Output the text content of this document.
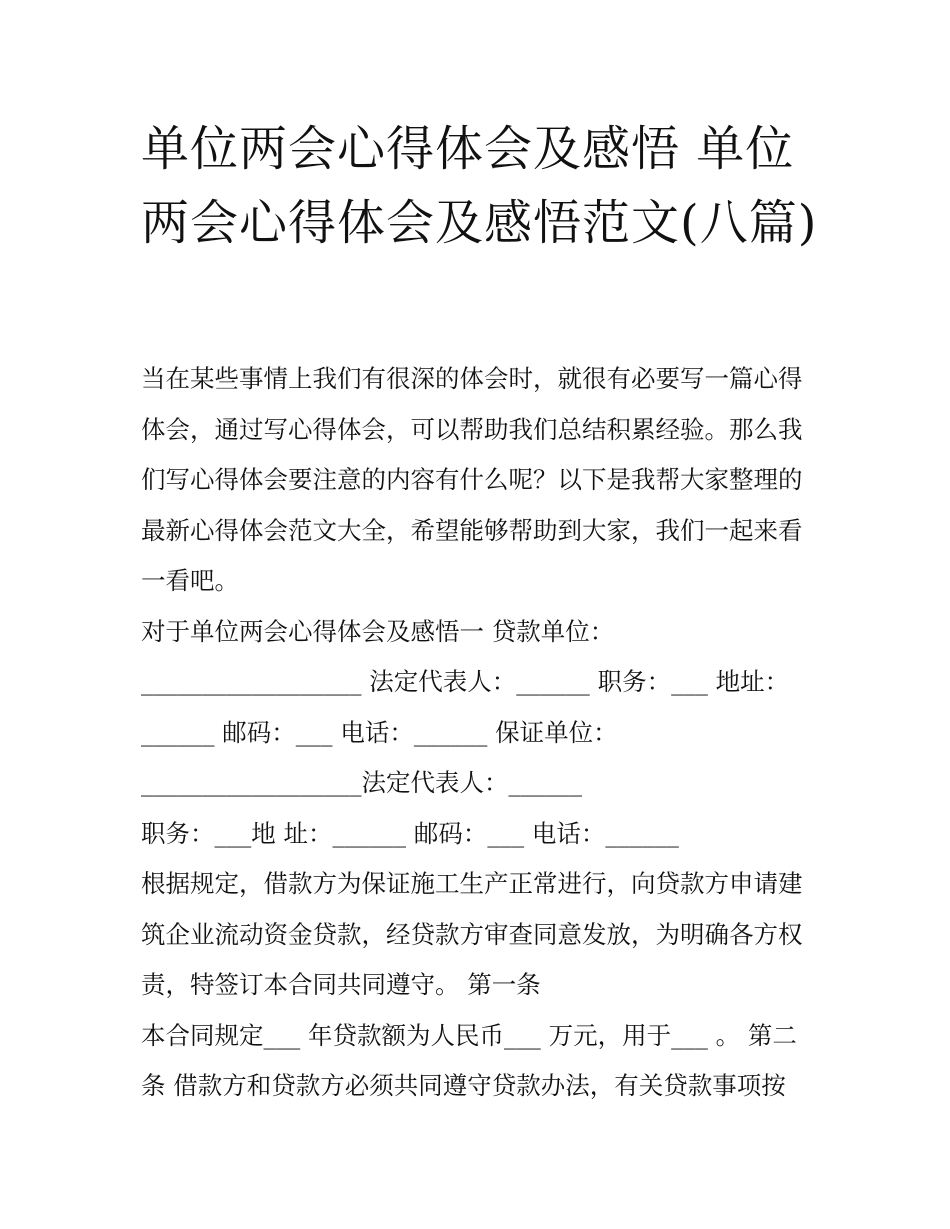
单位两会心得体会及感悟 单位两会心得体会及感悟范文(八篇)

当在某些事情上我们有很深的体会时，就很有必要写一篇心得体会，通过写心得体会，可以帮助我们总结积累经验。那么我们写心得体会要注意的内容有什么呢？以下是我帮大家整理的最新心得体会范文大全，希望能够帮助到大家，我们一起来看一看吧。

对于单位两会心得体会及感悟一 贷款单位：

__________________ 法定代表人：______ 职务：___ 地址：______ 邮码：___ 电话：______ 保证单位：

__________________法定代表人：______

职务：___地 址：______ 邮码：___ 电话：______

根据规定，借款方为保证施工生产正常进行，向贷款方申请建筑企业流动资金贷款，经贷款方审查同意发放，为明确各方权责，特签订本合同共同遵守。 第一条

本合同规定___ 年贷款额为人民币___ 万元，用于___ 。 第二条 借款方和贷款方必须共同遵守贷款办法，有关贷款事项按
